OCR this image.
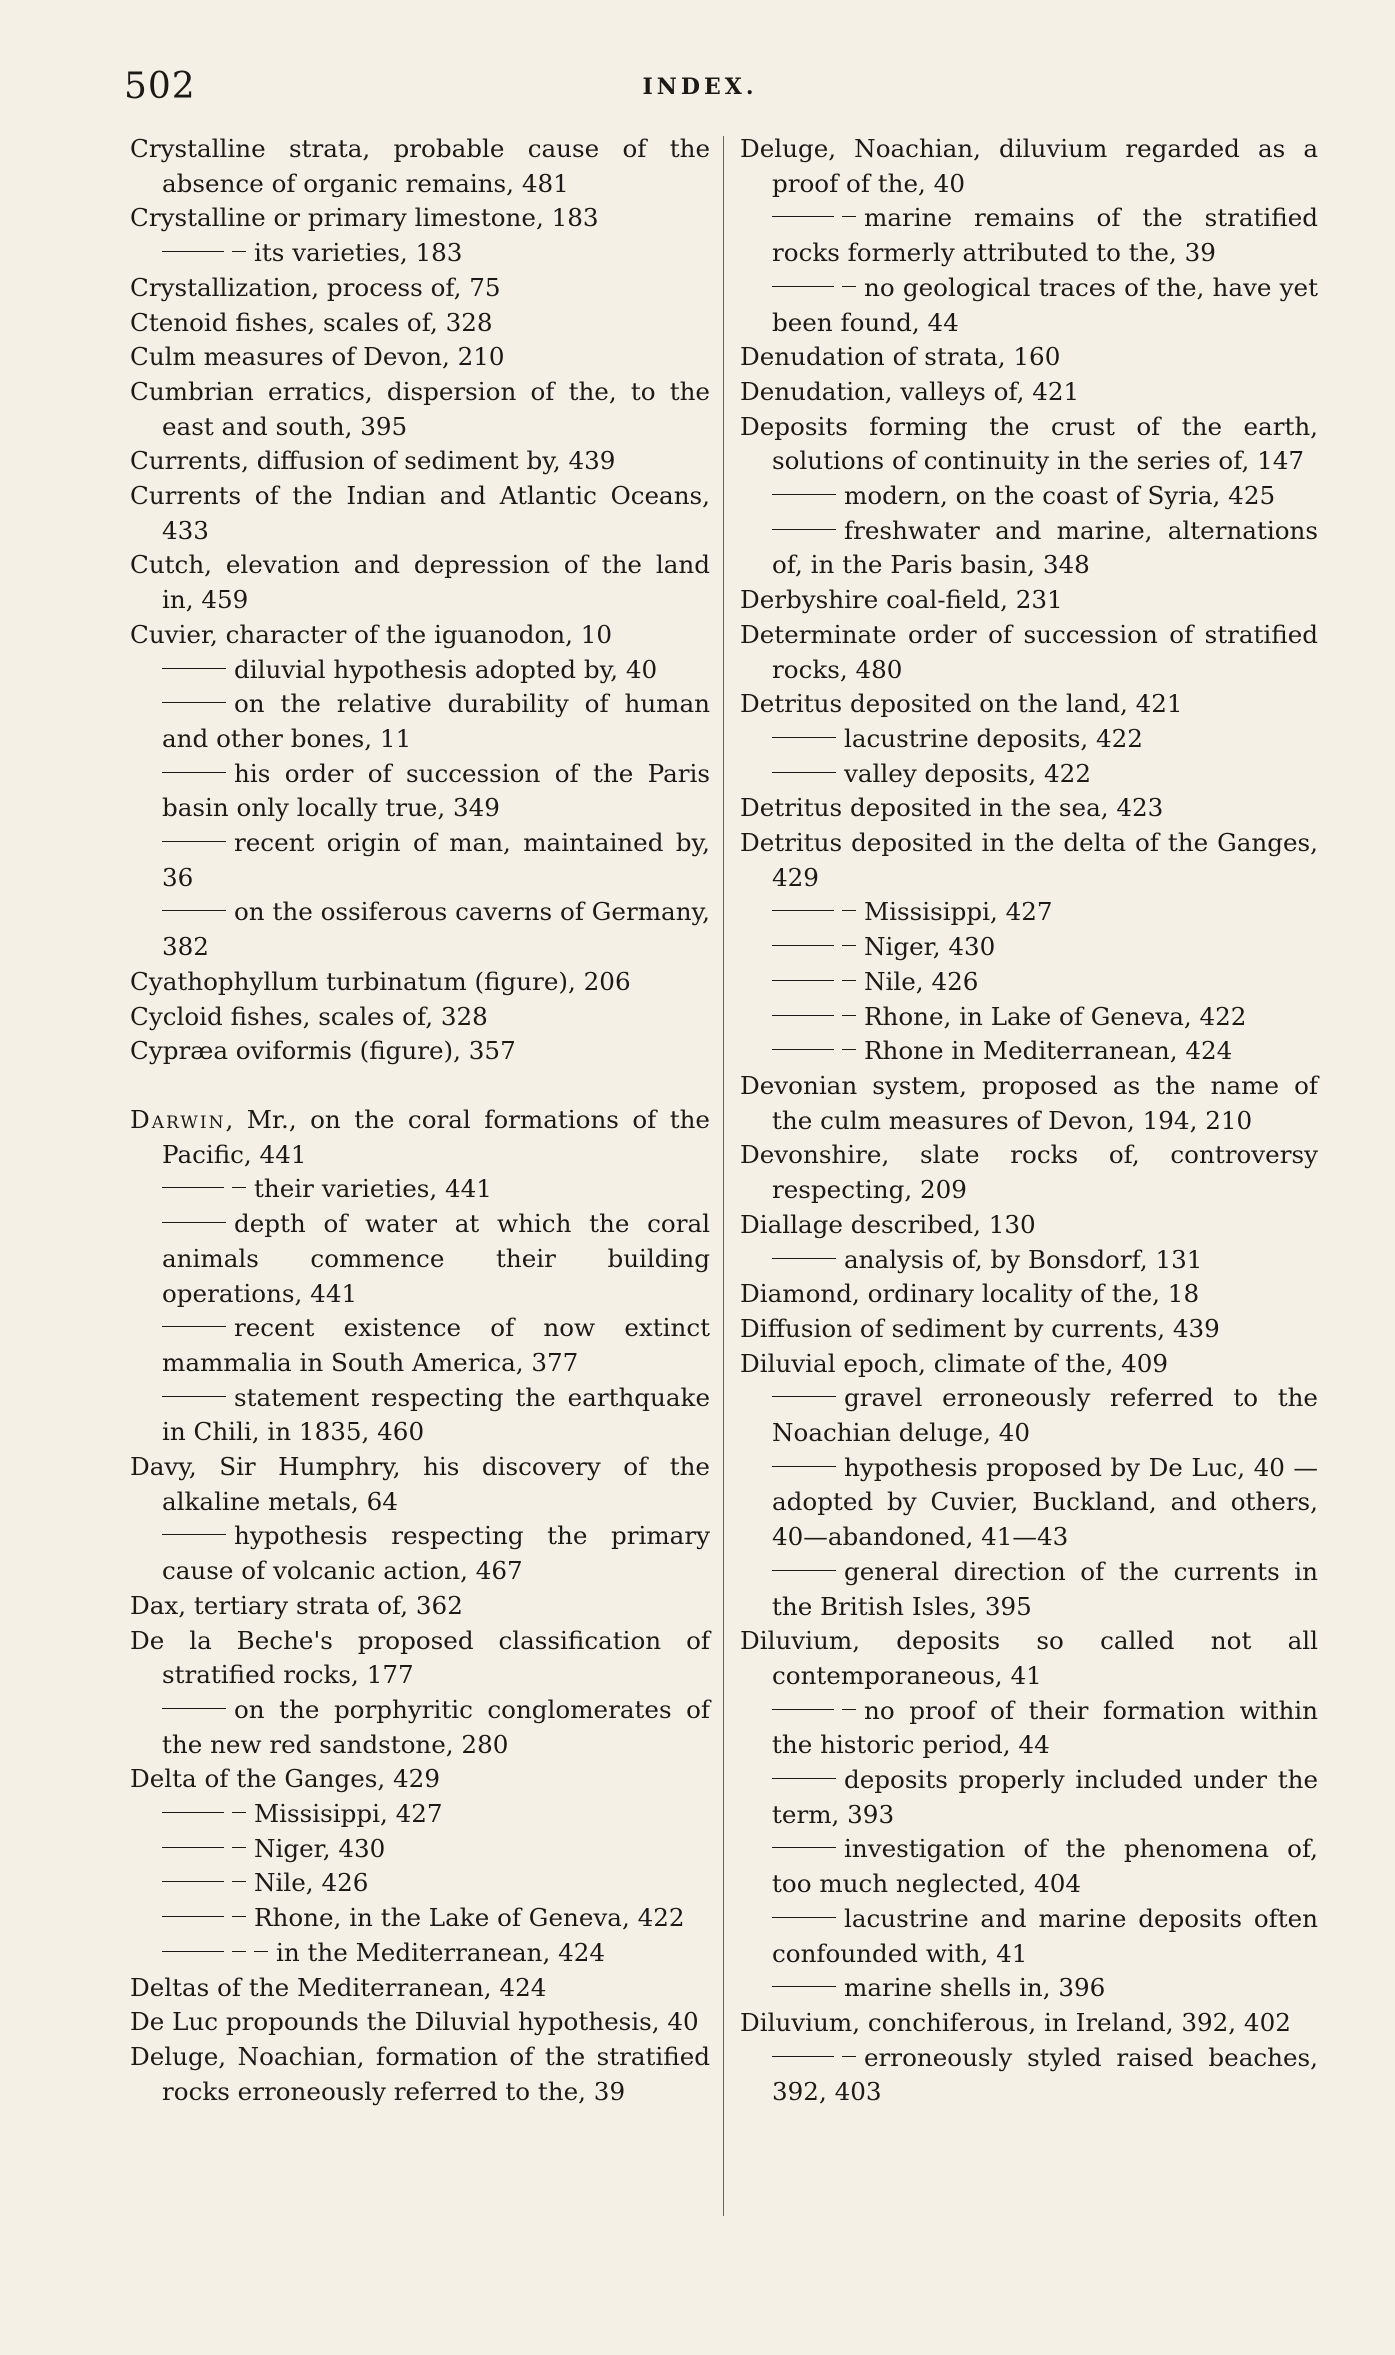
502	INDEX.
Crystalline strata, probable cause of the absence of organic remains, 481
Crystalline or primary limestone, 183
its varieties, 183
Crystallization, process of, 75
Ctenoid fishes, scales of, 328
Culm measures of Devon, 210
Cumbrian erratics, dispersion of the, to the east and south, 395
Currents, diffusion of sediment by, 439
Currents of the Indian and Atlantic Oceans, 433
Cutch, elevation and depression of the land in, 459
Cuvier, character of the iguanodon, 10
diluvial hypothesis adopted by, 40
on the relative durability of human and other bones, 11
his order of succession of the Paris basin only locally true, 349
recent origin of man, maintained by, 36
on the ossiferous caverns of Germany, 382
Cyathophyllum turbinatum (figure), 206
Cycloid fishes, scales of, 328
Cypræa oviformis (figure), 357
Darwin, Mr., on the coral formations of the Pacific, 441
their varieties, 441
depth of water at which the coral animals commence their building operations, 441
recent existence of now extinct mammalia in South America, 377
statement respecting the earthquake in Chili, in 1835, 460
Davy, Sir Humphry, his discovery of the alkaline metals, 64
hypothesis respecting the primary cause of volcanic action, 467
Dax, tertiary strata of, 362
De la Beche's proposed classification of stratified rocks, 177
on the porphyritic conglomerates of the new red sandstone, 280
Delta of the Ganges, 429
Missisippi, 427
Niger, 430
Nile, 426
Rhone, in the Lake of Geneva, 422
in the Mediterranean, 424
Deltas of the Mediterranean, 424
De Luc propounds the Diluvial hypothesis, 40
Deluge, Noachian, formation of the stratified rocks erroneously referred to the, 39
Deluge, Noachian, diluvium regarded as a proof of the, 40
marine remains of the stratified rocks formerly attributed to the, 39
no geological traces of the, have yet been found, 44
Denudation of strata, 160
Denudation, valleys of, 421
Deposits forming the crust of the earth, solutions of continuity in the series of, 147
modern, on the coast of Syria, 425
freshwater and marine, alternations of, in the Paris basin, 348
Derbyshire coal-field, 231
Determinate order of succession of stratified rocks, 480
Detritus deposited on the land, 421
lacustrine deposits, 422
valley deposits, 422
Detritus deposited in the sea, 423
Detritus deposited in the delta of the Ganges, 429
Missisippi, 427
Niger, 430
Nile, 426
Rhone, in Lake of Geneva, 422
Rhone in Mediterranean, 424
Devonian system, proposed as the name of the culm measures of Devon, 194, 210
Devonshire, slate rocks of, controversy respecting, 209
Diallage described, 130
analysis of, by Bonsdorf, 131
Diamond, ordinary locality of the, 18
Diffusion of sediment by currents, 439
Diluvial epoch, climate of the, 409
gravel erroneously referred to the Noachian deluge, 40
hypothesis proposed by De Luc, 40 —adopted by Cuvier, Buckland, and others, 40—abandoned, 41—43
general direction of the currents in the British Isles, 395
Diluvium, deposits so called not all contemporaneous, 41
no proof of their formation within the historic period, 44
deposits properly included under the term, 393
investigation of the phenomena of, too much neglected, 404
lacustrine and marine deposits often confounded with, 41
marine shells in, 396
Diluvium, conchiferous, in Ireland, 392, 402
erroneously styled raised beaches, 392, 403
